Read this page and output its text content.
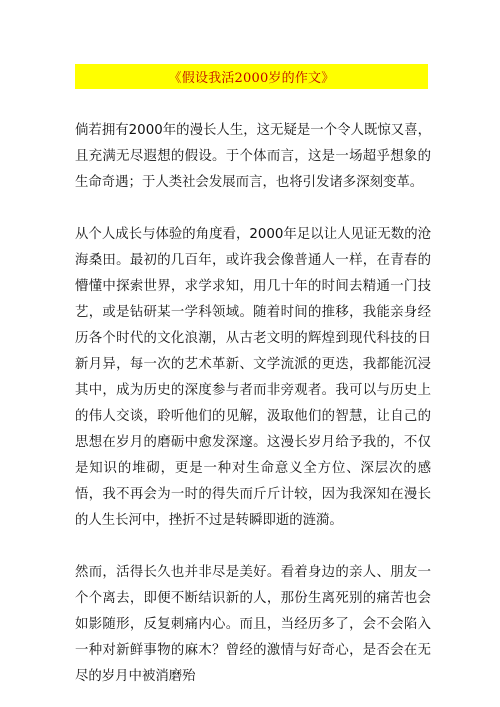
《假设我活2000岁的作文》

倘若拥有2000年的漫长人生，这无疑是一个令人既惊又喜，且充满无尽遐想的假设。于个体而言，这是一场超乎想象的生命奇遇；于人类社会发展而言，也将引发诸多深刻变革。

从个人成长与体验的角度看，2000年足以让人见证无数的沧海桑田。最初的几百年，或许我会像普通人一样，在青春的懵懂中探索世界，求学求知，用几十年的时间去精通一门技艺，或是钻研某一学科领域。随着时间的推移，我能亲身经历各个时代的文化浪潮，从古老文明的辉煌到现代科技的日新月异，每一次的艺术革新、文学流派的更迭，我都能沉浸其中，成为历史的深度参与者而非旁观者。我可以与历史上的伟人交谈，聆听他们的见解，汲取他们的智慧，让自己的思想在岁月的磨砺中愈发深邃。这漫长岁月给予我的，不仅是知识的堆砌，更是一种对生命意义全方位、深层次的感悟，我不再会为一时的得失而斤斤计较，因为我深知在漫长的人生长河中，挫折不过是转瞬即逝的涟漪。

然而，活得长久也并非尽是美好。看着身边的亲人、朋友一个个离去，即便不断结识新的人，那份生离死别的痛苦也会如影随形，反复刺痛内心。而且，当经历多了，会不会陷入一种对新鲜事物的麻木？曾经的激情与好奇心，是否会在无尽的岁月中被消磨殆
